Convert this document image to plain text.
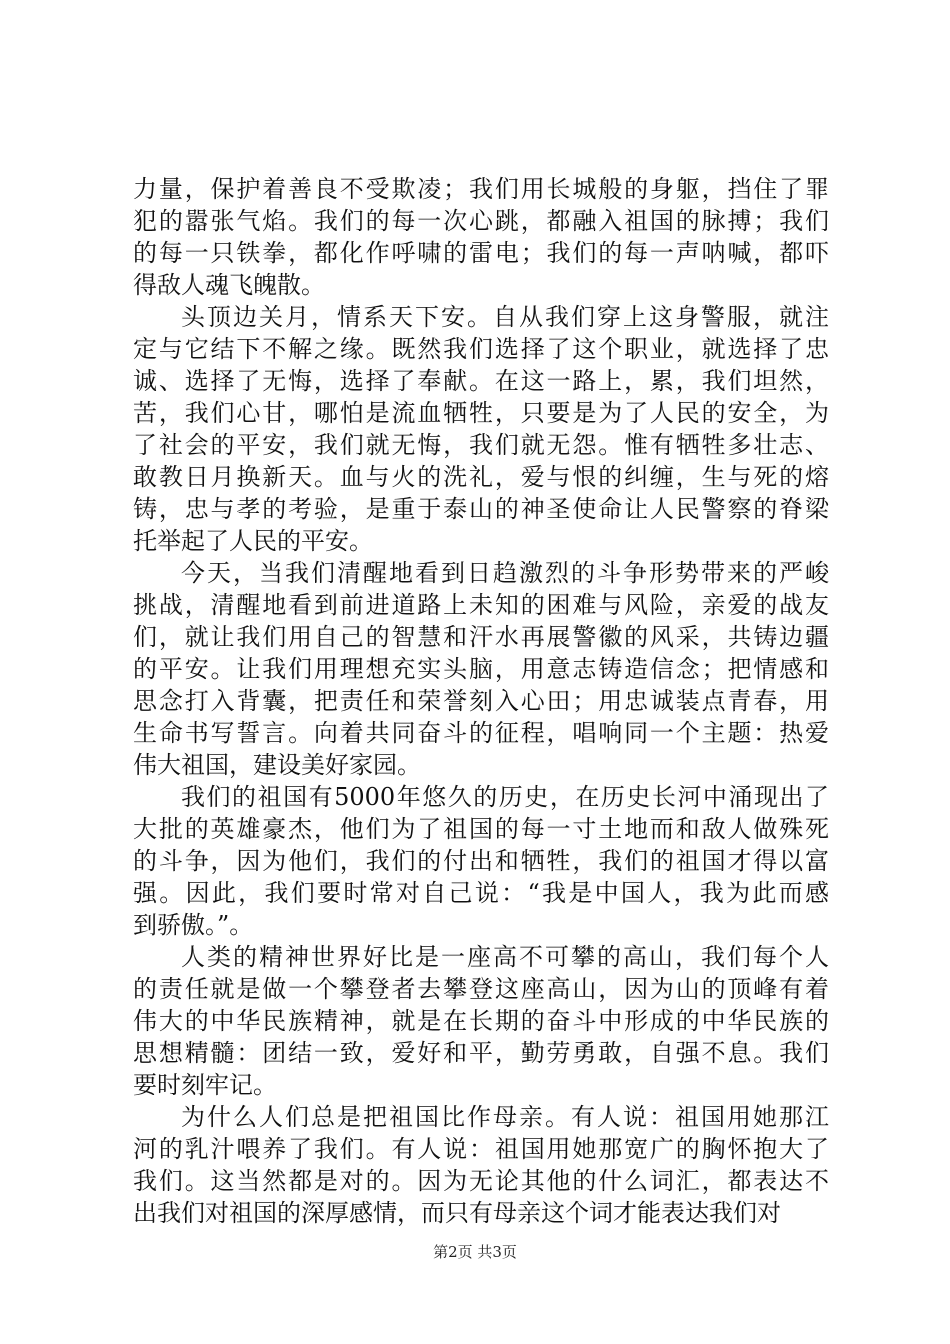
力量，保护着善良不受欺凌；我们用长城般的身躯，挡住了罪
犯的嚣张气焰。我们的每一次心跳，都融入祖国的脉搏；我们
的每一只铁拳，都化作呼啸的雷电；我们的每一声呐喊，都吓
得敌人魂飞魄散。
头顶边关月，情系天下安。自从我们穿上这身警服，就注
定与它结下不解之缘。既然我们选择了这个职业，就选择了忠
诚、选择了无悔，选择了奉献。在这一路上，累，我们坦然，
苦，我们心甘，哪怕是流血牺牲，只要是为了人民的安全，为
了社会的平安，我们就无悔，我们就无怨。惟有牺牲多壮志、
敢教日月换新天。血与火的洗礼，爱与恨的纠缠，生与死的熔
铸，忠与孝的考验，是重于泰山的神圣使命让人民警察的脊梁
托举起了人民的平安。
今天，当我们清醒地看到日趋激烈的斗争形势带来的严峻
挑战，清醒地看到前进道路上未知的困难与风险，亲爱的战友
们，就让我们用自己的智慧和汗水再展警徽的风采，共铸边疆
的平安。让我们用理想充实头脑，用意志铸造信念；把情感和
思念打入背囊，把责任和荣誉刻入心田；用忠诚装点青春，用
生命书写誓言。向着共同奋斗的征程，唱响同一个主题：热爱
伟大祖国，建设美好家园。
我们的祖国有5000年悠久的历史，在历史长河中涌现出了
大批的英雄豪杰，他们为了祖国的每一寸土地而和敌人做殊死
的斗争，因为他们，我们的付出和牺牲，我们的祖国才得以富
强。因此，我们要时常对自己说：“我是中国人，我为此而感
到骄傲。”。
人类的精神世界好比是一座高不可攀的高山，我们每个人
的责任就是做一个攀登者去攀登这座高山，因为山的顶峰有着
伟大的中华民族精神，就是在长期的奋斗中形成的中华民族的
思想精髓：团结一致，爱好和平，勤劳勇敢，自强不息。我们
要时刻牢记。
为什么人们总是把祖国比作母亲。有人说：祖国用她那江
河的乳汁喂养了我们。有人说：祖国用她那宽广的胸怀抱大了
我们。这当然都是对的。因为无论其他的什么词汇，都表达不
出我们对祖国的深厚感情，而只有母亲这个词才能表达我们对
第2页 共3页
